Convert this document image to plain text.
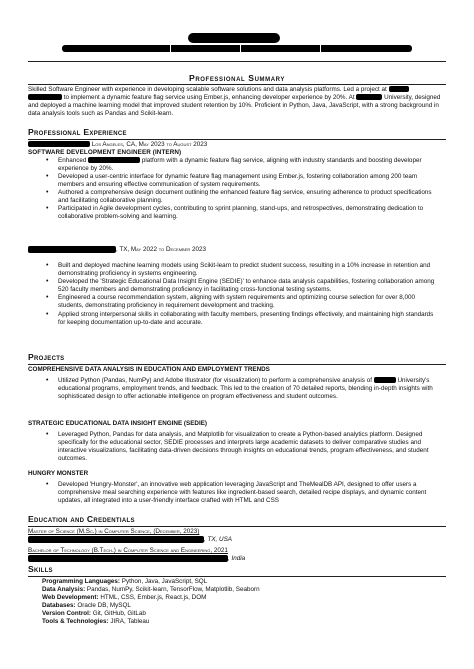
Professional Summary
Skilled Software Engineer with experience in developing scalable software solutions and data analysis platforms. Led a project at
to implement a dynamic feature flag service using Ember.js, enhancing developer experience by 20%. At	University, designed and deployed a machine learning model that improved student retention by 10%. Proficient in Python, Java, JavaScript, with a strong background in data analysis tools such as Pandas and Scikit-learn.
Professional Experience
Los Angeles, CA, May 2023 to August 2023
SOFTWARE DEVELOPMENT ENGINEER (INTERN)
• Enhanced	platform with a dynamic feature flag service, aligning with industry standards and boosting developer experience by 20%.
• Developed a user-centric interface for dynamic feature flag management using Ember.js, fostering collaboration among 200 team members and ensuring effective communication of system requirements.
• Authored a comprehensive design document outlining the enhanced feature flag service, ensuring adherence to product specifications and facilitating collaborative planning.
• Participated in Agile development cycles, contributing to sprint planning, stand-ups, and retrospectives, demonstrating dedication to collaborative problem-solving and learning.
, TX, May 2022 to December 2023
• Built and deployed machine learning models using Scikit-learn to predict student success, resulting in a 10% increase in retention and demonstrating proficiency in systems engineering.
• Developed the 'Strategic Educational Data Insight Engine (SEDIE)' to enhance data analysis capabilities, fostering collaboration among 520 faculty members and demonstrating proficiency in facilitating cross-functional testing systems.
• Engineered a course recommendation system, aligning with system requirements and optimizing course selection for over 8,000 students, demonstrating proficiency in requirement development and tracking.
• Applied strong interpersonal skills in collaborating with faculty members, presenting findings effectively, and maintaining high standards for keeping documentation up-to-date and accurate.
Projects
COMPREHENSIVE DATA ANALYSIS IN EDUCATION AND EMPLOYMENT TRENDS
• Utilized Python (Pandas, NumPy) and Adobe Illustrator (for visualization) to perform a comprehensive analysis of	University's educational programs, employment trends, and feedback. This led to the creation of 70 detailed reports, blending in-depth insights with sophisticated design to offer actionable intelligence on program effectiveness and student outcomes.
STRATEGIC EDUCATIONAL DATA INSIGHT ENGINE (SEDIE)
• Leveraged Python, Pandas for data analysis, and Matplotlib for visualization to create a Python-based analytics platform. Designed specifically for the educational sector, SEDIE processes and interprets large academic datasets to deliver comparative studies and interactive visualizations, facilitating data-driven decisions through insights on educational trends, program effectiveness, and student outcomes.
HUNGRY MONSTER
• Developed 'Hungry-Monster', an innovative web application leveraging JavaScript and TheMealDB API, designed to offer users a comprehensive meal searching experience with features like ingredient-based search, detailed recipe displays, and dynamic content updates, all integrated into a user-friendly interface crafted with HTML and CSS
Education and Credentials
Master of Science (M.Sc.) in Computer Science, (December, 2023)
, TX, USA
Bachelor of Technology (B.Tech.) in Computer Science and Engineering, 2021
, India
Skills
Programming Languages: Python, Java, JavaScript, SQL
Data Analysis: Pandas, NumPy, Scikit-learn, TensorFlow, Matplotlib, Seaborn
Web Development: HTML, CSS, Ember.js, React.js, DOM
Databases: Oracle DB, MySQL
Version Control: Git, GitHub, GitLab
Tools & Technologies: JIRA, Tableau
